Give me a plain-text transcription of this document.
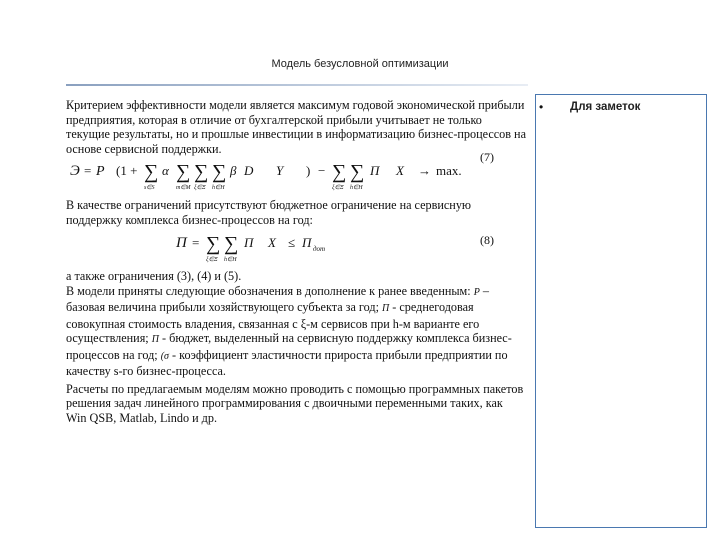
Модель безусловной оптимизации

Критерием эффективности модели является максимум годовой экономической прибыли предприятия, которая в отличие от бухгалтерской прибыли учитывает не только текущие результаты, но и прошлые инвестиции в информатизацию бизнес-процессов на основе сервисной поддержки.

Э = P (1 + ∑
s∈S
α ∑
m∈M
∑
ξ∈Ξ
∑
h∈H
β D Y ) − ∑
ξ∈Ξ
∑
h∈H
Π X → max.
(7)

В качестве ограничений присутствуют бюджетное ограничение на сервисную поддержку комплекса бизнес-процессов на год:

Π = ∑
ξ∈Ξ
∑
h∈H
Π X ≤ Π дот
(8)

а также ограничения (3), (4) и (5).

В модели приняты следующие обозначения в дополнение к ранее введенным: P – базовая величина прибыли хозяйствующего субъекта за год; Π - среднегодовая совокупная стоимость владения, связанная с ξ-м сервисов при h-м варианте его осуществления; Π - бюджет, выделенный на сервисную поддержку комплекса бизнес-процессов на год; (σ - коэффициент эластичности прироста прибыли предприятии по качеству s-го бизнес-процесса.

Расчеты по предлагаемым моделям можно проводить с помощью программных пакетов решения задач линейного программирования с двоичными переменными таких, как Win QSB, Matlab, Lindo и др.

• Для заметок
